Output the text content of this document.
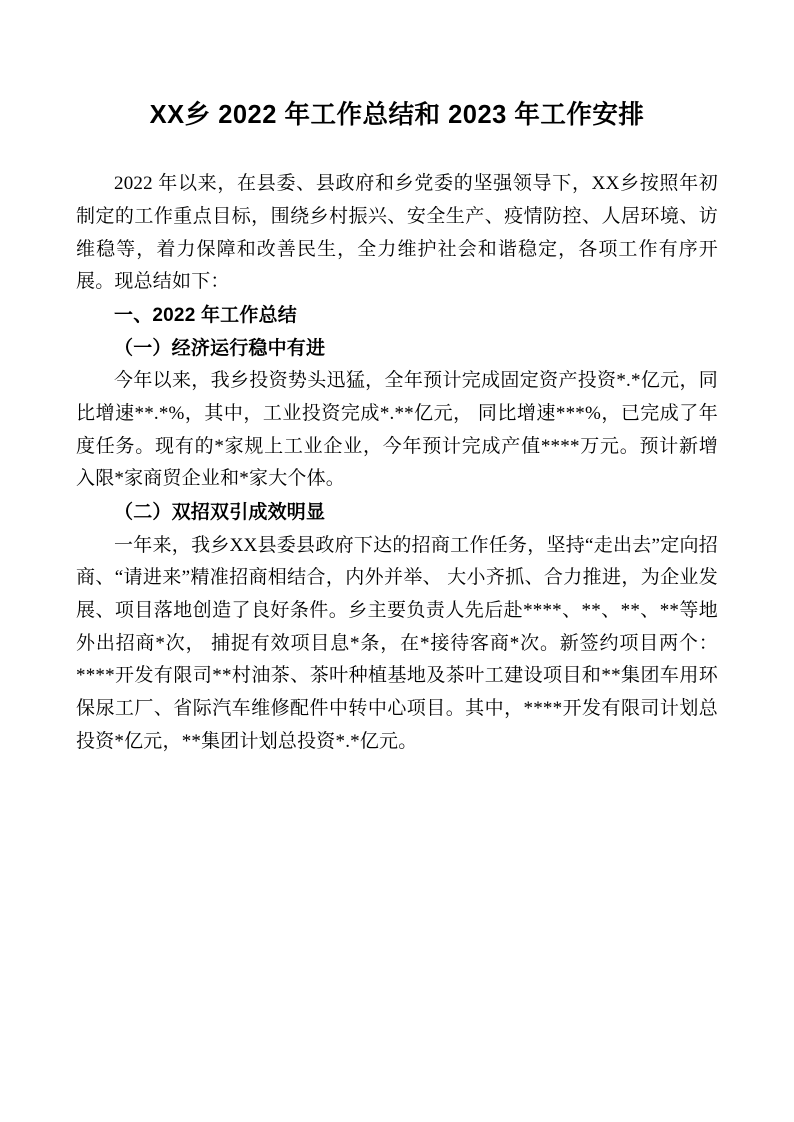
XX乡 2022 年工作总结和 2023 年工作安排

2022 年以来，在县委、县政府和乡党委的坚强领导下，XX乡按照年初制定的工作重点目标，围绕乡村振兴、安全生产、疫情防控、人居环境、访维稳等，着力保障和改善民生，全力维护社会和谐稳定，各项工作有序开展。现总结如下：

一、2022 年工作总结

（一）经济运行稳中有进

今年以来，我乡投资势头迅猛，全年预计完成固定资产投资*.*亿元，同比增速**.*%，其中，工业投资完成*.**亿元， 同比增速***%，已完成了年度任务。现有的*家规上工业企业，今年预计完成产值****万元。预计新增入限*家商贸企业和*家大个体。

（二）双招双引成效明显

一年来，我乡XX县委县政府下达的招商工作任务，坚持“走出去”定向招商、“请进来”精准招商相结合，内外并举、 大小齐抓、合力推进，为企业发展、项目落地创造了良好条件。乡主要负责人先后赴****、**、**、**等地外出招商*次， 捕捉有效项目息*条，在*接待客商*次。新签约项目两个：****开发有限司**村油茶、茶叶种植基地及茶叶工建设项目和**集团车用环保尿工厂、省际汽车维修配件中转中心项目。其中，****开发有限司计划总投资*亿元，**集团计划总投资*.*亿元。
